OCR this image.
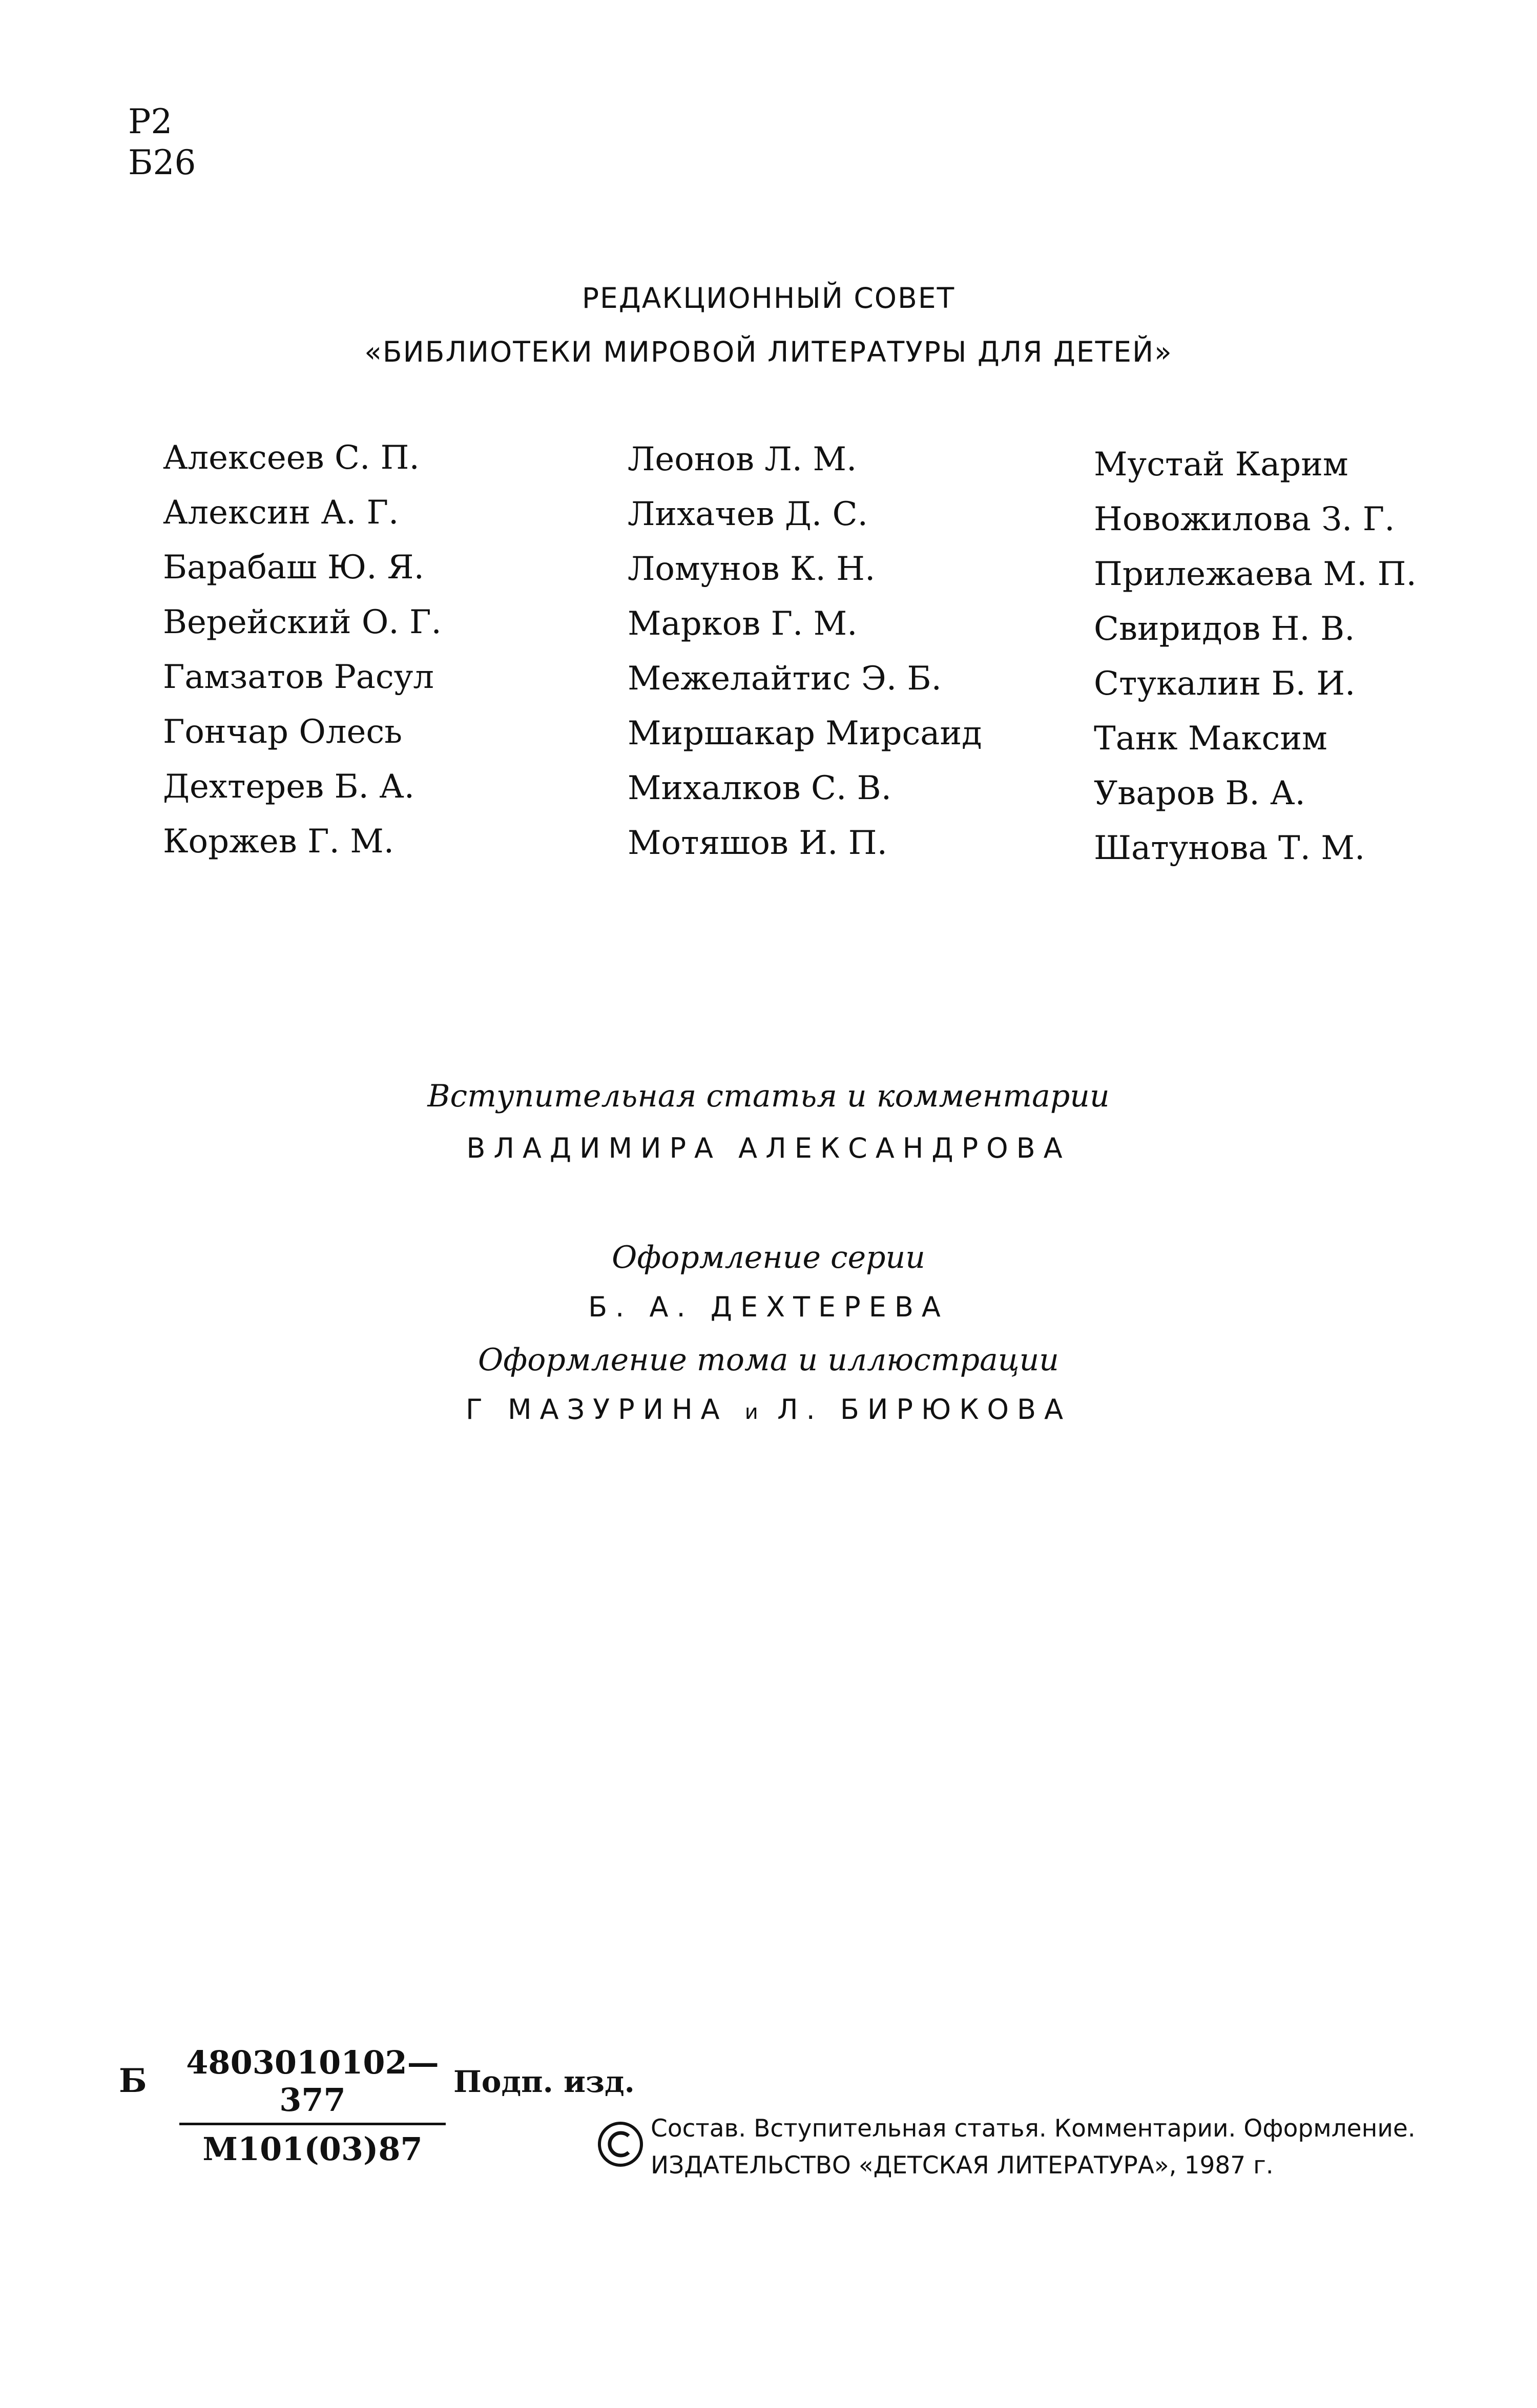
Р2
Б26
РЕДАКЦИОННЫЙ СОВЕТ
«БИБЛИОТЕКИ МИРОВОЙ ЛИТЕРАТУРЫ ДЛЯ ДЕТЕЙ»
Алексеев С. П.
Алексин А. Г.
Барабаш Ю. Я.
Верейский О. Г.
Гамзатов Расул
Гончар Олесь
Дехтерев Б. А.
Коржев Г. М.
Леонов Л. М.
Лихачев Д. С.
Ломунов К. Н.
Марков Г. М.
Межелайтис Э. Б.
Миршакар Мирсаид
Михалков С. В.
Мотяшов И. П.
Мустай Карим
Новожилова З. Г.
Прилежаева М. П.
Свиридов Н. В.
Стукалин Б. И.
Танк Максим
Уваров В. А.
Шатунова Т. М.
Вступительная статья и комментарии
ВЛАДИМИРА АЛЕКСАНДРОВА
Оформление серии
Б. А. ДЕХТЕРЕВА
Оформление тома и иллюстрации
Г МАЗУРИНА и Л. БИРЮКОВА
Б 4803010102—377
М101(03)87
Подп. изд.
Состав. Вступительная статья. Комментарии. Оформление.
ИЗДАТЕЛЬСТВО «ДЕТСКАЯ ЛИТЕРАТУРА», 1987 г.
